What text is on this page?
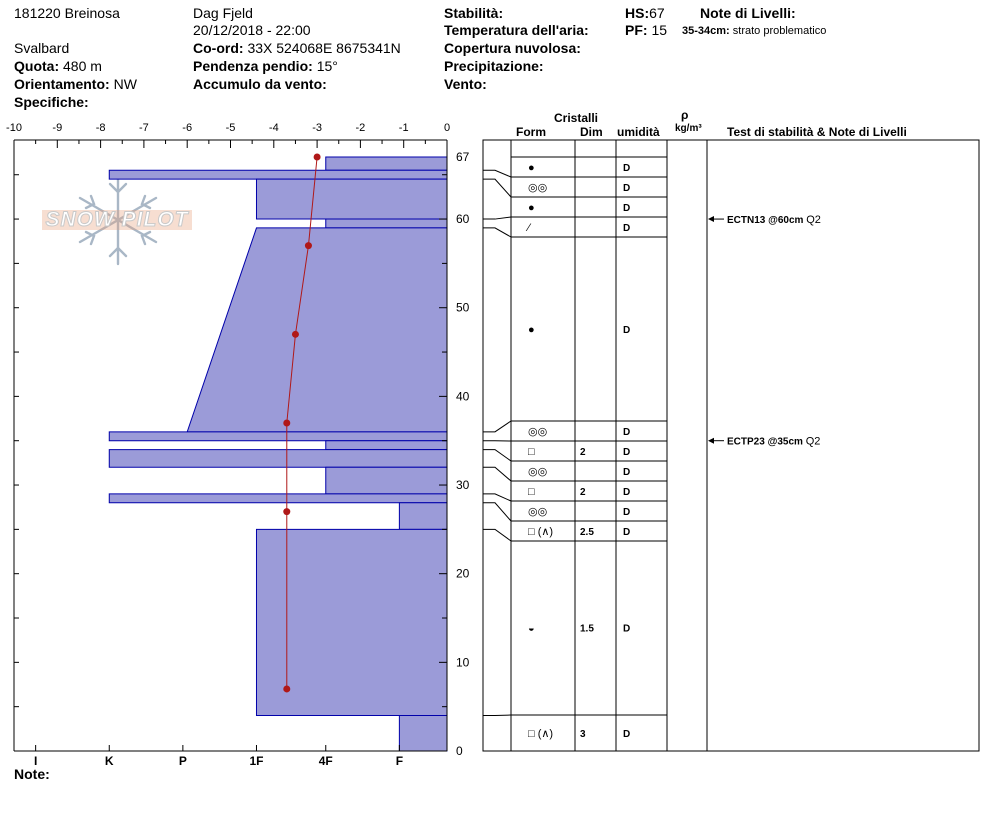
181220 Breinosa	Dag Fjeld
Svalbard
20/12/2018 - 22:00
Quota: 480 m
Co-ord: 33X 524068E 8675341N
Orientamento: NW
Pendenza pendio: 15°
Specifiche:
Accumulo da vento:
Stabilità:
Temperatura dell'aria:
Copertura nuvolosa:
Precipitazione:
Vento:
HS:67
PF: 15
Note di Livelli:
35-34cm: strato problematico
Note:
SNOW PILOT
-10	-9	-8	-7	-6	-5	-4	-3	-2	-1	0
0
10
20
30
40
50
60
67
I	K	P	1F	4F	F
Cristalli
Form	Dim umidità
ρ
kg/m³ Test di stabilità & Note di Livelli
●	D
◎◎	D
●	D
⁄	D
●	D
◎◎	D
□	2	D
◎◎	D
□	2	D
◎◎	D
□ (∧)	2.5	D
◒	1.5	D
□ (∧)	3	D
ECTN13 @60cm Q2
ECTP23 @35cm Q2
